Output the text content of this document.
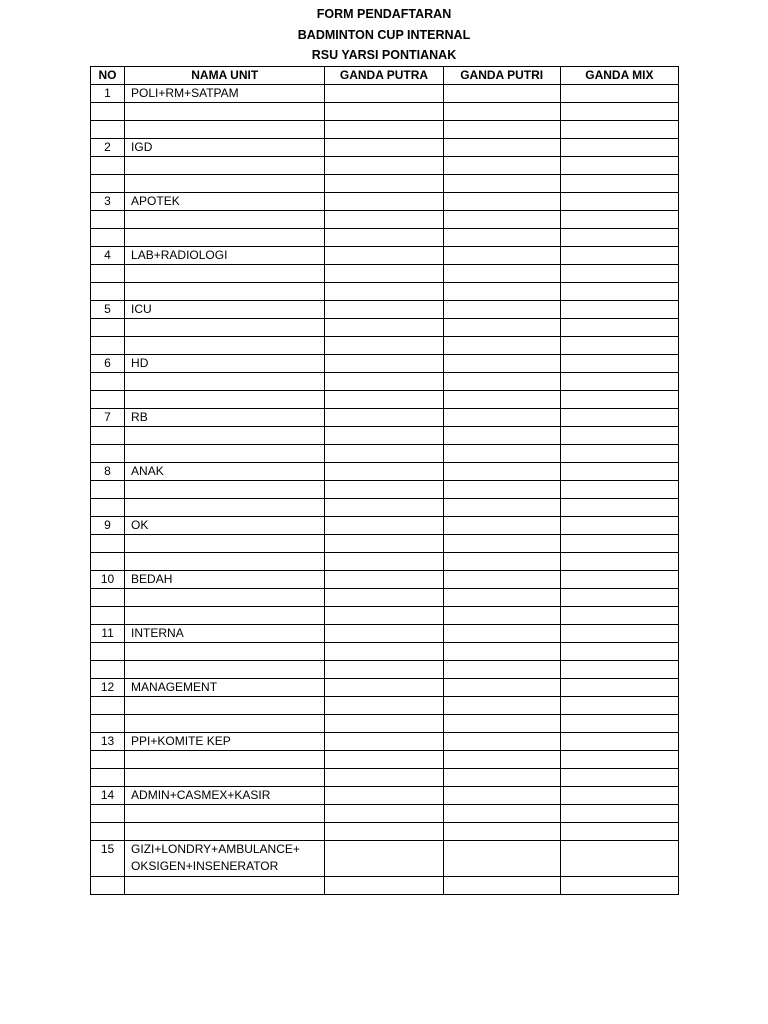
FORM PENDAFTARAN
BADMINTON CUP INTERNAL
RSU YARSI PONTIANAK
NO	NAMA UNIT	GANDA PUTRA	GANDA PUTRI	GANDA MIX
1	POLI+RM+SATPAM			

2	IGD			

3	APOTEK			

4	LAB+RADIOLOGI			

5	ICU			

6	HD			

7	RB			

8	ANAK			

9	OK			

10	BEDAH			

11	INTERNA			

12	MANAGEMENT			

13	PPI+KOMITE KEP			

14	ADMIN+CASMEX+KASIR			

15	GIZI+LONDRY+AMBULANCE+ OKSIGEN+INSENERATOR			
